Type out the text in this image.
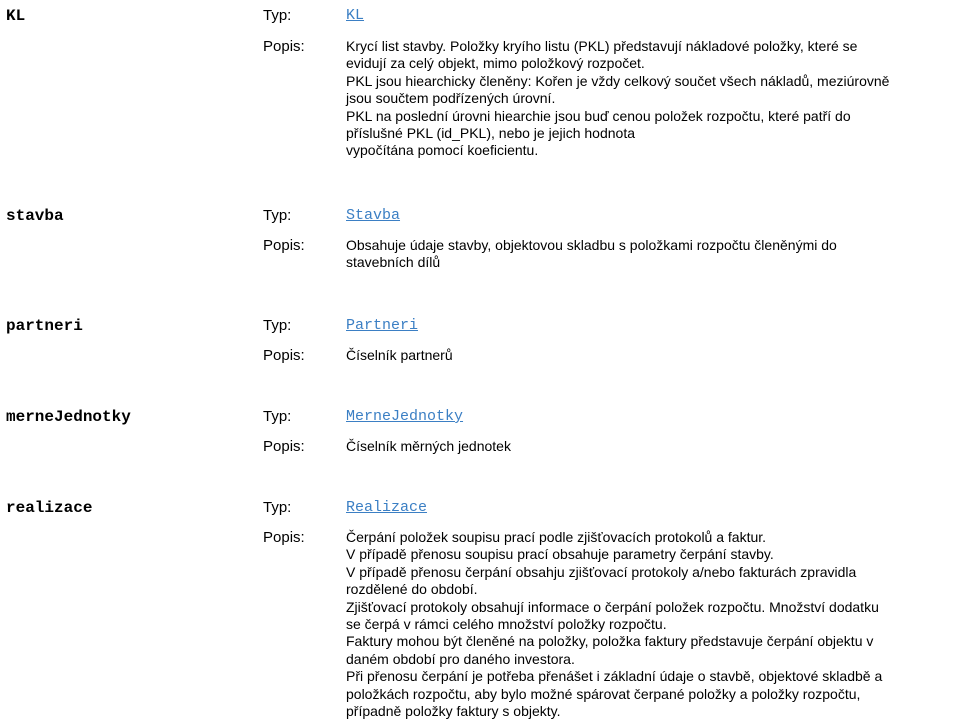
KL	Typ:	KL
Popis:	Krycí list stavby. Položky kryího listu (PKL) představují nákladové položky, které se
evidují za celý objekt, mimo položkový rozpočet.
PKL jsou hiearchicky členěny: Kořen je vždy celkový součet všech nákladů, meziúrovně
jsou součtem podřízených úrovní.
PKL na poslední úrovni hiearchie jsou buď cenou položek rozpočtu, které patří do
příslušné PKL (id_PKL), nebo je jejich hodnota
vypočítána pomocí koeficientu.
stavba	Typ:	Stavba
Popis:	Obsahuje údaje stavby, objektovou skladbu s položkami rozpočtu členěnými do
stavebních dílů
partneri	Typ:	Partneri
Popis:	Číselník partnerů
merneJednotky	Typ:	MerneJednotky
Popis:	Číselník měrných jednotek
realizace	Typ:	Realizace
Popis:	Čerpání položek soupisu prací podle zjišťovacích protokolů a faktur.
V případě přenosu soupisu prací obsahuje parametry čerpání stavby.
V případě přenosu čerpání obsahju zjišťovací protokoly a/nebo fakturách zpravidla
rozdělené do období.
Zjišťovací protokoly obsahují informace o čerpání položek rozpočtu. Množství dodatku
se čerpá v rámci celého množství položky rozpočtu.
Faktury mohou být členěné na položky, položka faktury představuje čerpání objektu v
daném období pro daného investora.
Při přenosu čerpání je potřeba přenášet i základní údaje o stavbě, objektové skladbě a
položkách rozpočtu, aby bylo možné spárovat čerpané položky a položky rozpočtu,
případně položky faktury s objekty.
